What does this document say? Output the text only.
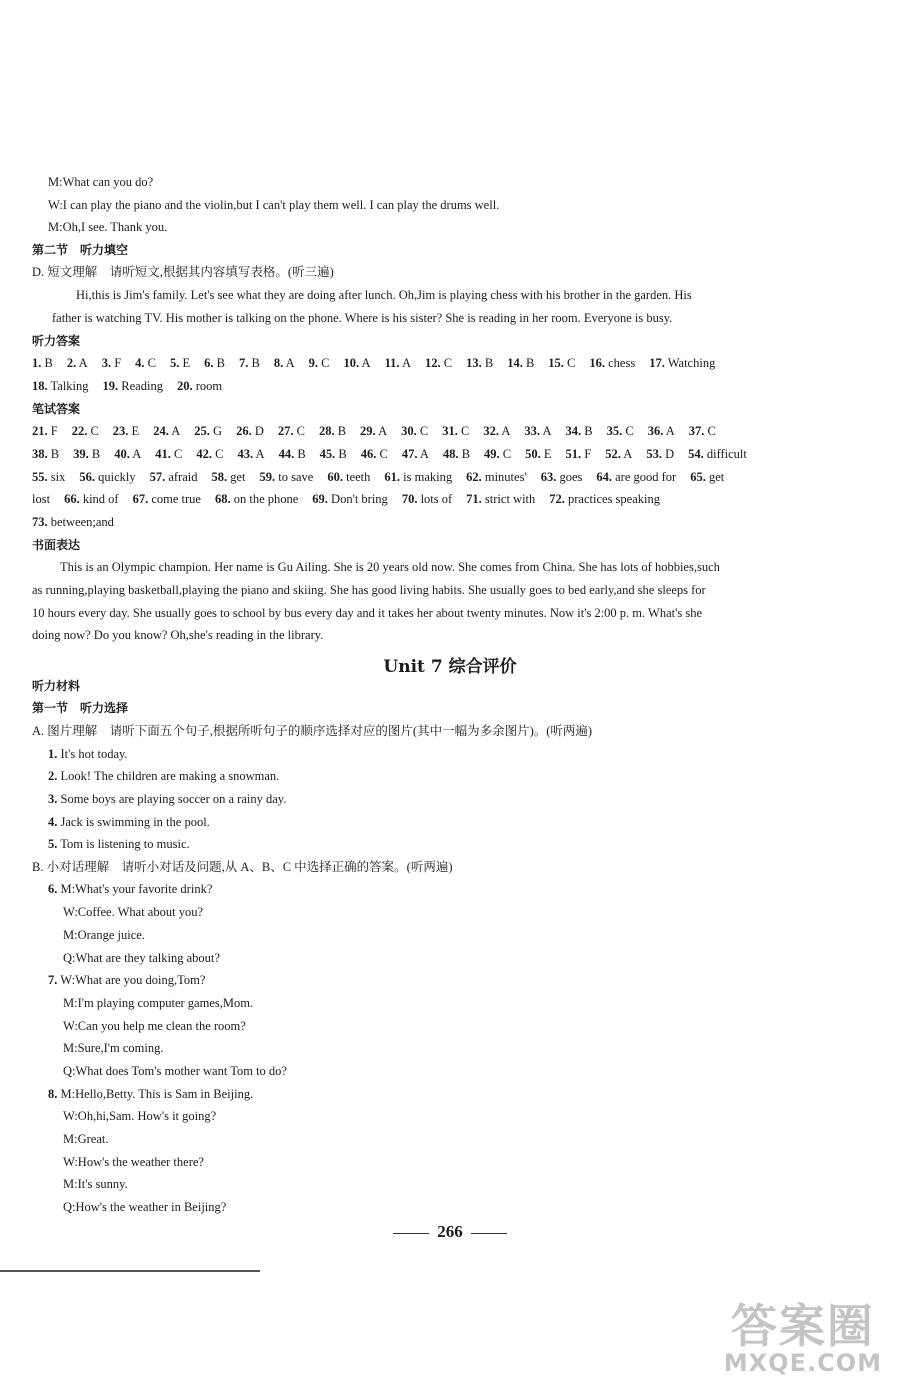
M:What can you do?
W:I can play the piano and the violin,but I can't play them well. I can play the drums well.
M:Oh,I see. Thank you.
第二节　听力填空
D. 短文理解　请听短文,根据其内容填写表格。(听三遍)
Hi,this is Jim's family. Let's see what they are doing after lunch. Oh,Jim is playing chess with his brother in the garden. His
father is watching TV. His mother is talking on the phone. Where is his sister? She is reading in her room. Everyone is busy.
听力答案
1. B 2. A 3. F 4. C 5. E 6. B 7. B 8. A 9. C 10. A 11. A 12. C 13. B 14. B 15. C 16. chess 17. Watching
18. Talking 19. Reading 20. room
笔试答案
21. F 22. C 23. E 24. A 25. G 26. D 27. C 28. B 29. A 30. C 31. C 32. A 33. A 34. B 35. C 36. A 37. C
38. B 39. B 40. A 41. C 42. C 43. A 44. B 45. B 46. C 47. A 48. B 49. C 50. E 51. F 52. A 53. D 54. difficult
55. six 56. quickly 57. afraid 58. get 59. to save 60. teeth 61. is making 62. minutes' 63. goes 64. are good for 65. get
lost 66. kind of 67. come true 68. on the phone 69. Don't bring 70. lots of 71. strict with 72. practices speaking
73. between;and
书面表达
This is an Olympic champion. Her name is Gu Ailing. She is 20 years old now. She comes from China. She has lots of hobbies,such
as running,playing basketball,playing the piano and skiing. She has good living habits. She usually goes to bed early,and she sleeps for
10 hours every day. She usually goes to school by bus every day and it takes her about twenty minutes. Now it's 2:00 p. m. What's she
doing now? Do you know? Oh,she's reading in the library.
Unit 7 综合评价
听力材料
第一节　听力选择
A. 图片理解　请听下面五个句子,根据所听句子的顺序选择对应的图片(其中一幅为多余图片)。(听两遍)
1. It's hot today.
2. Look! The children are making a snowman.
3. Some boys are playing soccer on a rainy day.
4. Jack is swimming in the pool.
5. Tom is listening to music.
B. 小对话理解　请听小对话及问题,从 A、B、C 中选择正确的答案。(听两遍)
6. M:What's your favorite drink?
W:Coffee. What about you?
M:Orange juice.
Q:What are they talking about?
7. W:What are you doing,Tom?
M:I'm playing computer games,Mom.
W:Can you help me clean the room?
M:Sure,I'm coming.
Q:What does Tom's mother want Tom to do?
8. M:Hello,Betty. This is Sam in Beijing.
W:Oh,hi,Sam. How's it going?
M:Great.
W:How's the weather there?
M:It's sunny.
Q:How's the weather in Beijing?
266
答案圈
MXQE.COM
